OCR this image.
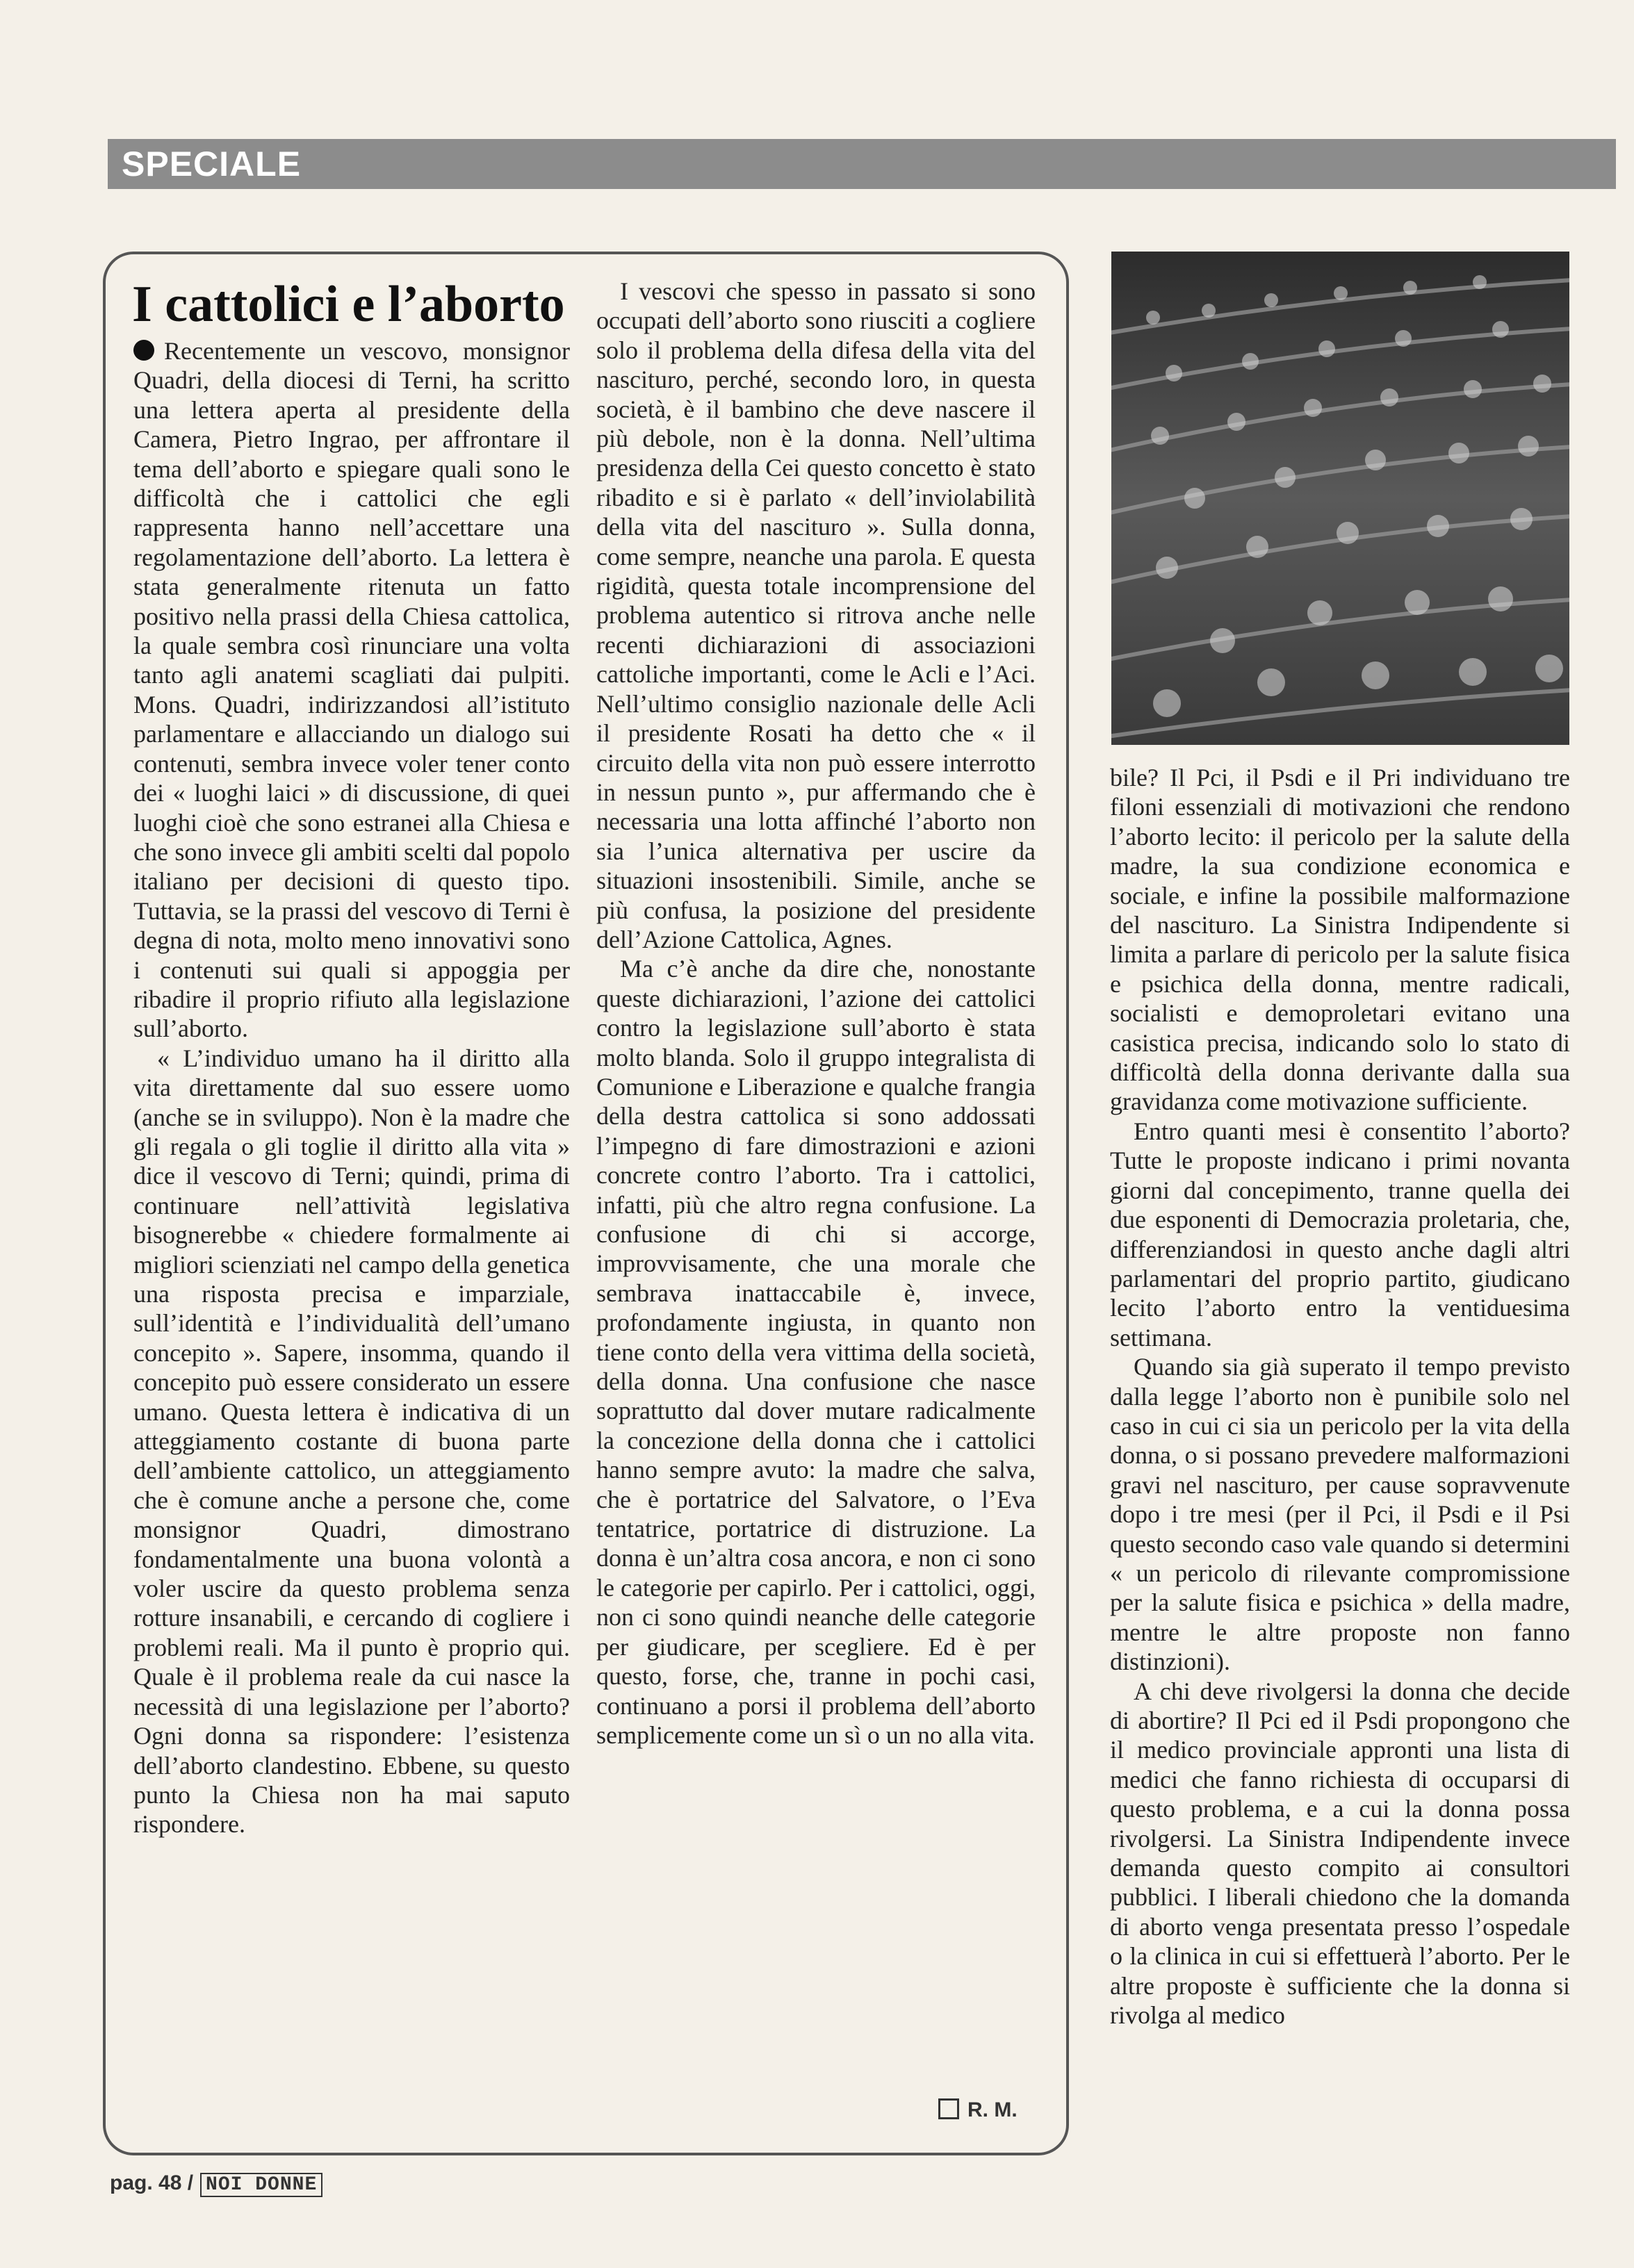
SPECIALE
I cattolici e l’aborto

Recentemente un vescovo, monsignor Quadri, della diocesi di Terni, ha scritto una lettera aperta al presidente della Camera, Pietro Ingrao, per affrontare il tema dell’aborto e spiegare quali sono le difficoltà che i cattolici che egli rappresenta hanno nell’accettare una regolamentazione dell’aborto. La lettera è stata generalmente ritenuta un fatto positivo nella prassi della Chiesa cattolica, la quale sembra così rinunciare una volta tanto agli anatemi scagliati dai pulpiti. Mons. Quadri, indirizzandosi all’istituto parlamentare e allacciando un dialogo sui contenuti, sembra invece voler tener conto dei « luoghi laici » di discussione, di quei luoghi cioè che sono estranei alla Chiesa e che sono invece gli ambiti scelti dal popolo italiano per decisioni di questo tipo. Tuttavia, se la prassi del vescovo di Terni è degna di nota, molto meno innovativi sono i contenuti sui quali si appoggia per ribadire il proprio rifiuto alla legislazione sull’aborto.

« L’individuo umano ha il diritto alla vita direttamente dal suo essere uomo (anche se in sviluppo). Non è la madre che gli regala o gli toglie il diritto alla vita » dice il vescovo di Terni; quindi, prima di continuare nell’attività legislativa bisognerebbe « chiedere formalmente ai migliori scienziati nel campo della genetica una risposta precisa e imparziale, sull’identità e l’individualità dell’umano concepito ». Sapere, insomma, quando il concepito può essere considerato un essere umano. Questa lettera è indicativa di un atteggiamento costante di buona parte dell’ambiente cattolico, un atteggiamento che è comune anche a persone che, come monsignor Quadri, dimostrano fondamentalmente una buona volontà a voler uscire da questo problema senza rotture insanabili, e cercando di cogliere i problemi reali. Ma il punto è proprio qui. Quale è il problema reale da cui nasce la necessità di una legislazione per l’aborto? Ogni donna sa rispondere: l’esistenza dell’aborto clandestino. Ebbene, su questo punto la Chiesa non ha mai saputo rispondere.

I vescovi che spesso in passato si sono occupati dell’aborto sono riusciti a cogliere solo il problema della difesa della vita del nascituro, perché, secondo loro, in questa società, è il bambino che deve nascere il più debole, non è la donna. Nell’ultima presidenza della Cei questo concetto è stato ribadito e si è parlato « dell’inviolabilità della vita del nascituro ». Sulla donna, come sempre, neanche una parola. E questa rigidità, questa totale incomprensione del problema autentico si ritrova anche nelle recenti dichiarazioni di associazioni cattoliche importanti, come le Acli e l’Aci. Nell’ultimo consiglio nazionale delle Acli il presidente Rosati ha detto che « il circuito della vita non può essere interrotto in nessun punto », pur affermando che è necessaria una lotta affinché l’aborto non sia l’unica alternativa per uscire da situazioni insostenibili. Simile, anche se più confusa, la posizione del presidente dell’Azione Cattolica, Agnes.

Ma c’è anche da dire che, nonostante queste dichiarazioni, l’azione dei cattolici contro la legislazione sull’aborto è stata molto blanda. Solo il gruppo integralista di Comunione e Liberazione e qualche frangia della destra cattolica si sono addossati l’impegno di fare dimostrazioni e azioni concrete contro l’aborto. Tra i cattolici, infatti, più che altro regna confusione. La confusione di chi si accorge, improvvisamente, che una morale che sembrava inattaccabile è, invece, profondamente ingiusta, in quanto non tiene conto della vera vittima della società, della donna. Una confusione che nasce soprattutto dal dover mutare radicalmente la concezione della donna che i cattolici hanno sempre avuto: la madre che salva, che è portatrice del Salvatore, o l’Eva tentatrice, portatrice di distruzione. La donna è un’altra cosa ancora, e non ci sono le categorie per capirlo. Per i cattolici, oggi, non ci sono quindi neanche delle categorie per giudicare, per scegliere. Ed è per questo, forse, che, tranne in pochi casi, continuano a porsi il problema dell’aborto semplicemente come un sì o un no alla vita.

R. M.

bile? Il Pci, il Psdi e il Pri individuano tre filoni essenziali di motivazioni che rendono l’aborto lecito: il pericolo per la salute della madre, la sua condizione economica e sociale, e infine la possibile malformazione del nascituro. La Sinistra Indipendente si limita a parlare di pericolo per la salute fisica e psichica della donna, mentre radicali, socialisti e demoproletari evitano una casistica precisa, indicando solo lo stato di difficoltà della donna derivante dalla sua gravidanza come motivazione sufficiente.

Entro quanti mesi è consentito l’aborto? Tutte le proposte indicano i primi novanta giorni dal concepimento, tranne quella dei due esponenti di Democrazia proletaria, che, differenziandosi in questo anche dagli altri parlamentari del proprio partito, giudicano lecito l’aborto entro la ventiduesima settimana.

Quando sia già superato il tempo previsto dalla legge l’aborto non è punibile solo nel caso in cui ci sia un pericolo per la vita della donna, o si possano prevedere malformazioni gravi nel nascituro, per cause sopravvenute dopo i tre mesi (per il Pci, il Psdi e il Psi questo secondo caso vale quando si determini « un pericolo di rilevante compromissione per la salute fisica e psichica » della madre, mentre le altre proposte non fanno distinzioni).

A chi deve rivolgersi la donna che decide di abortire? Il Pci ed il Psdi propongono che il medico provinciale appronti una lista di medici che fanno richiesta di occuparsi di questo problema, e a cui la donna possa rivolgersi. La Sinistra Indipendente invece demanda questo compito ai consultori pubblici. I liberali chiedono che la domanda di aborto venga presentata presso l’ospedale o la clinica in cui si effettuerà l’aborto. Per le altre proposte è sufficiente che la donna si rivolga al medico

pag. 48 / NOI DONNE
